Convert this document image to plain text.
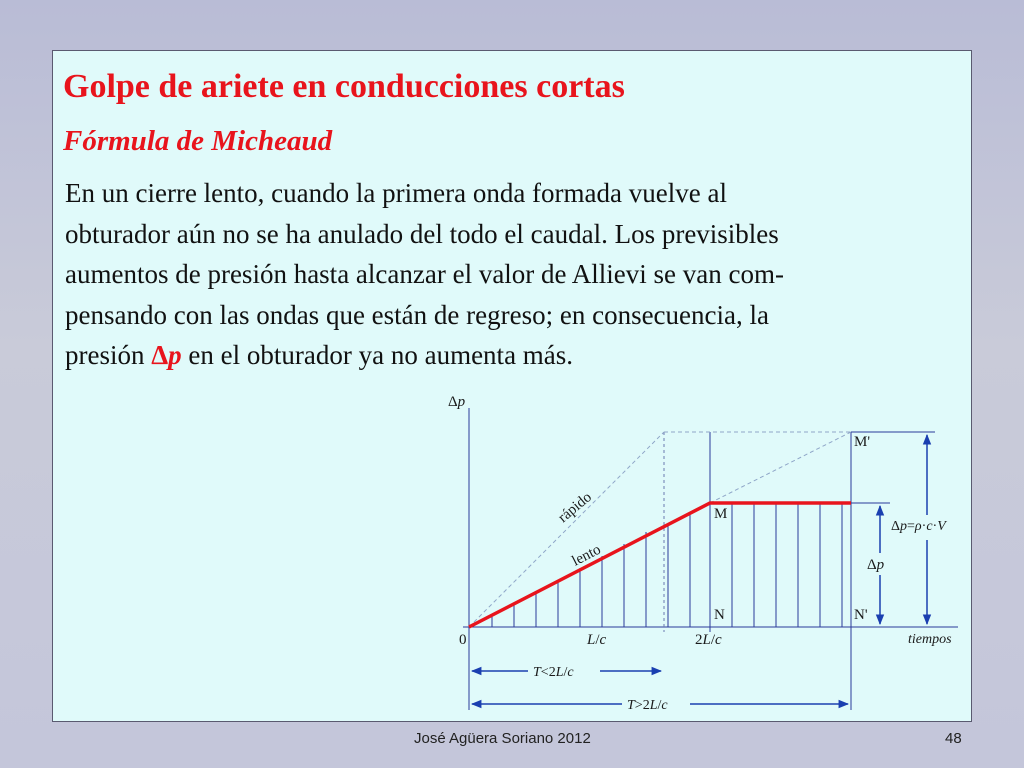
Golpe de ariete en conducciones cortas
Fórmula de Micheaud

En un cierre lento, cuando la primera onda formada vuelve al
obturador aún no se ha anulado del todo el caudal. Los previsibles
aumentos de presión hasta alcanzar el valor de Allievi se van com-
pensando con las ondas que están de regreso; en consecuencia, la
presión Δp en el obturador ya no aumenta más.

Δp
0	tiempos
L/c	2L/c
rápido
lento
M'
M
N	N'
Δp=ρ·c·V
Δp
T<2L/c
T>2L/c
José Agüera Soriano 2012	48
